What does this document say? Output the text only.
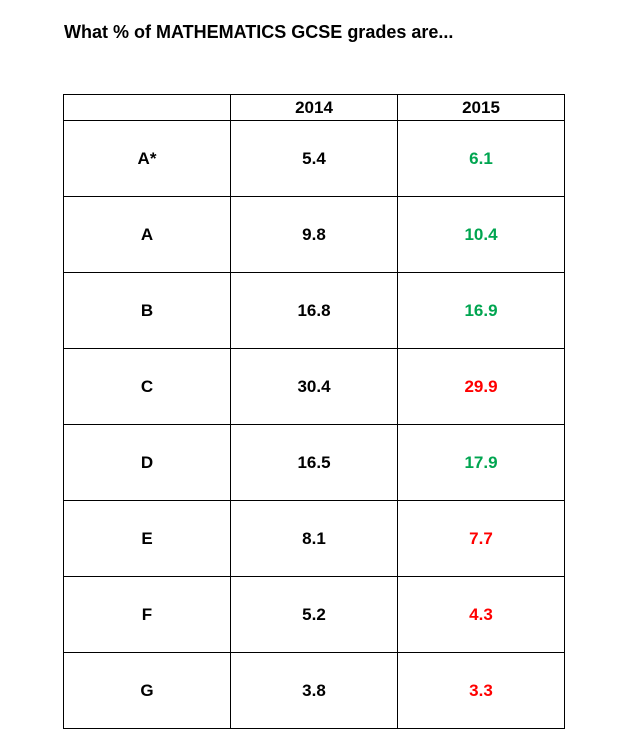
What % of MATHEMATICS GCSE grades are...
	2014	2015
A*	5.4	6.1
A	9.8	10.4
B	16.8	16.9
C	30.4	29.9
D	16.5	17.9
E	8.1	7.7
F	5.2	4.3
G	3.8	3.3
